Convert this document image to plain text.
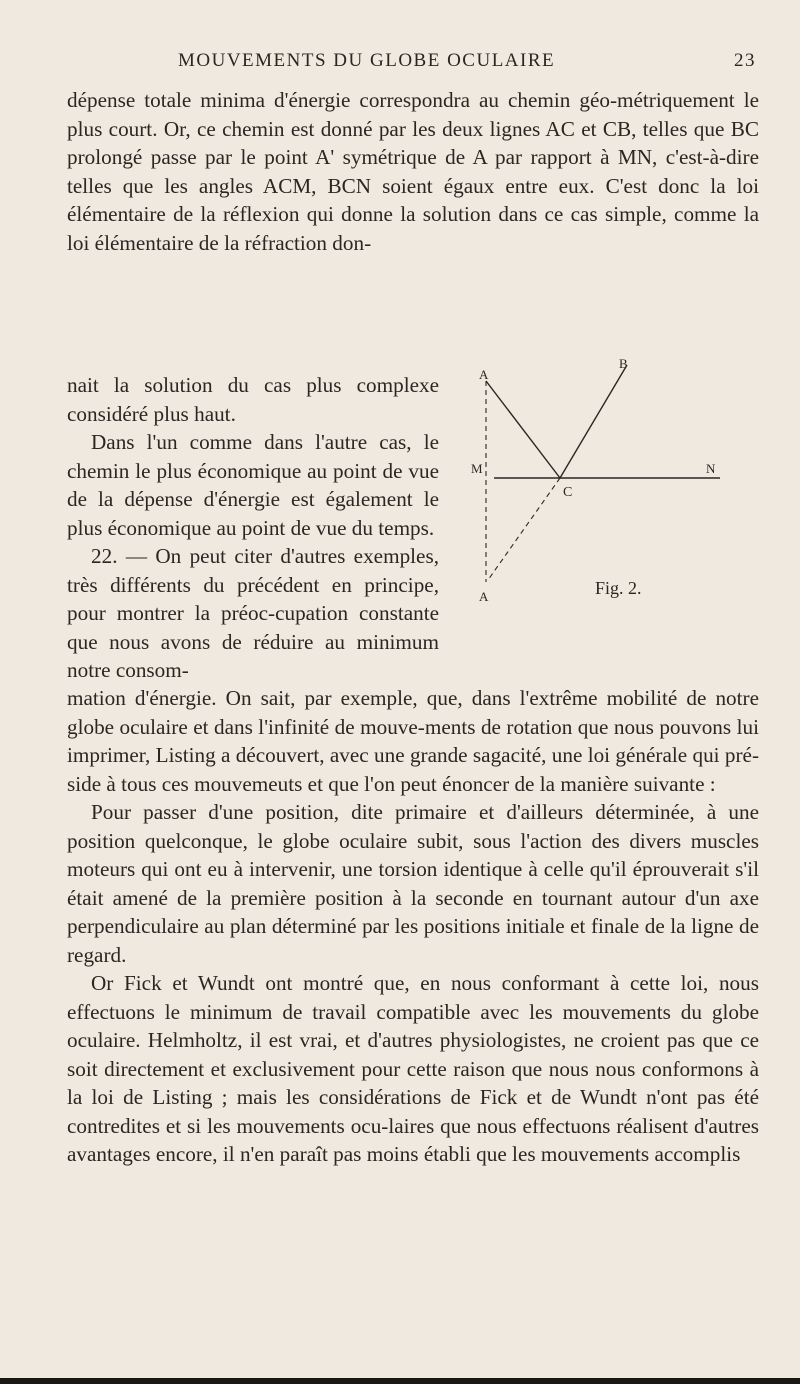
MOUVEMENTS DU GLOBE OCULAIRE	23

dépense totale minima d'énergie correspondra au chemin géo-métriquement le plus court. Or, ce chemin est donné par les deux lignes AC et CB, telles que BC prolongé passe par le point A' symétrique de A par rapport à MN, c'est-à-dire telles que les angles ACM, BCN soient égaux entre eux. C'est donc la loi élémentaire de la réflexion qui donne la solution dans ce cas simple, comme la loi élémentaire de la réfraction don-

nait la solution du cas plus complexe considéré plus haut.

Dans l'un comme dans l'autre cas, le chemin le plus économique au point de vue de la dépense d'énergie est également le plus économique au point de vue du temps.

22. — On peut citer d'autres exemples, très différents du précédent en principe, pour montrer la préoc-cupation constante que nous avons de réduire au minimum notre consom-

mation d'énergie. On sait, par exemple, que, dans l'extrême mobilité de notre globe oculaire et dans l'infinité de mouve-ments de rotation que nous pouvons lui imprimer, Listing a découvert, avec une grande sagacité, une loi générale qui pré-side à tous ces mouvemeuts et que l'on peut énoncer de la manière suivante :

Pour passer d'une position, dite primaire et d'ailleurs déterminée, à une position quelconque, le globe oculaire subit, sous l'action des divers muscles moteurs qui ont eu à intervenir, une torsion identique à celle qu'il éprouverait s'il était amené de la première position à la seconde en tournant autour d'un axe perpendiculaire au plan déterminé par les positions initiale et finale de la ligne de regard.

Or Fick et Wundt ont montré que, en nous conformant à cette loi, nous effectuons le minimum de travail compatible avec les mouvements du globe oculaire. Helmholtz, il est vrai, et d'autres physiologistes, ne croient pas que ce soit directement et exclusivement pour cette raison que nous nous conformons à la loi de Listing ; mais les considérations de Fick et de Wundt n'ont pas été contredites et si les mouvements ocu-laires que nous effectuons réalisent d'autres avantages encore, il n'en paraît pas moins établi que les mouvements accomplis

A
B
M	N
C
A	Fig. 2.
